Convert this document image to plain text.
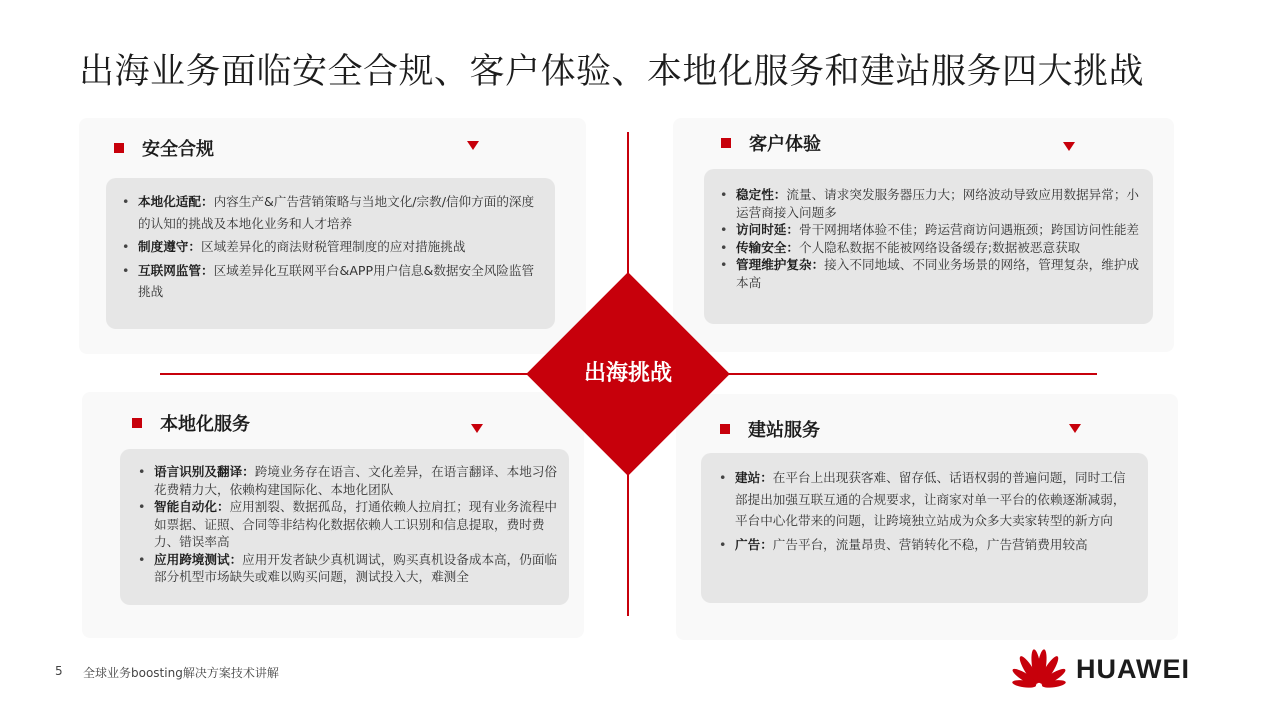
出海业务面临安全合规、客户体验、本地化服务和建站服务四大挑战
安全合规
• 本地化适配：内容生产&广告营销策略与当地文化/宗教/信仰方面的深度的认知的挑战及本地化业务和人才培养
• 制度遵守：区域差异化的商法财税管理制度的应对措施挑战
• 互联网监管：区域差异化互联网平台&APP用户信息&数据安全风险监管挑战
客户体验
• 稳定性：流量、请求突发服务器压力大；网络波动导致应用数据异常；小运营商接入问题多
• 访问时延：骨干网拥堵体验不佳；跨运营商访问遇瓶颈；跨国访问性能差
• 传输安全：个人隐私数据不能被网络设备缓存;数据被恶意获取
• 管理维护复杂：接入不同地域、不同业务场景的网络，管理复杂，维护成本高
本地化服务
• 语言识别及翻译：跨境业务存在语言、文化差异，在语言翻译、本地习俗花费精力大，依赖构建国际化、本地化团队
• 智能自动化：应用割裂、数据孤岛，打通依赖人拉肩扛；现有业务流程中如票据、证照、合同等非结构化数据依赖人工识别和信息提取，费时费力、错误率高
• 应用跨境测试：应用开发者缺少真机调试，购买真机设备成本高，仍面临部分机型市场缺失或难以购买问题，测试投入大，难测全
建站服务
• 建站：在平台上出现获客难、留存低、话语权弱的普遍问题，同时工信部提出加强互联互通的合规要求，让商家对单一平台的依赖逐渐减弱，平台中心化带来的问题，让跨境独立站成为众多大卖家转型的新方向
• 广告：广告平台，流量昂贵、营销转化不稳，广告营销费用较高
出海挑战
5 全球业务boosting解决方案技术讲解	HUAWEI
